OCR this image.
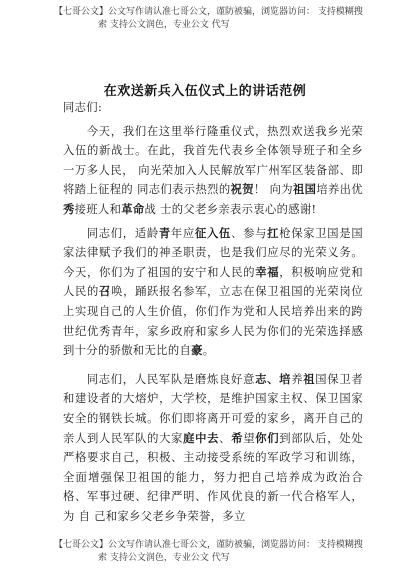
【七哥公文】公文写作请认准七哥公文，谨防被骗，浏览器访问： 支持模糊搜
索 支持公文润色，专业公文 代写
在欢送新兵入伍仪式上的讲话范例

同志们:

今天，我们在这里举行隆重仪式，热烈欢送我乡光荣入伍的新战士。在此，我首先代表乡全体领导班子和全乡一万多人民， 向光荣加入人民解放军广州军区装备部、即将踏上征程的 同志们表示热烈的祝贺！ 向为祖国培养出优秀接班人和革命战 士的父老乡亲表示衷心的感谢!

同志们，适龄青年应征入伍、参与扛枪保家卫国是国家法律赋予我们的神圣职责，也是我们应尽的光荣义务。今天，你们为了祖国的安宁和人民的幸福，积极响应党和人民的召唤，踊跃报名参军，立志在保卫祖国的光荣岗位上实现自己的人生价值，你们作为党和人民培养出来的跨世纪优秀青年，家乡政府和家乡人民为你们的光荣选择感到十分的骄傲和无比的自豪。

同志们，人民军队是磨炼良好意志、培养祖国保卫者和建设者的大熔炉，大学校，是维护国家主权、保卫国家安全的钢铁长城。你们即将离开可爱的家乡，离开自己的亲人到人民军队的大家庭中去、希望你们到部队后，处处严格要求自己，积极、主动接受系统的军政学习和训练，全面增强保卫祖国的能力，努力把自己培养成为政治合格、军事过硬、纪律严明、作风优良的新一代合格军人，为 自 己和家乡父老乡争荣誉，多立

【七哥公文】公文写作请认准七哥公文，谨防被骗，浏览器访问： 支持模糊搜
索 支持公文润色，专业公文 代写
